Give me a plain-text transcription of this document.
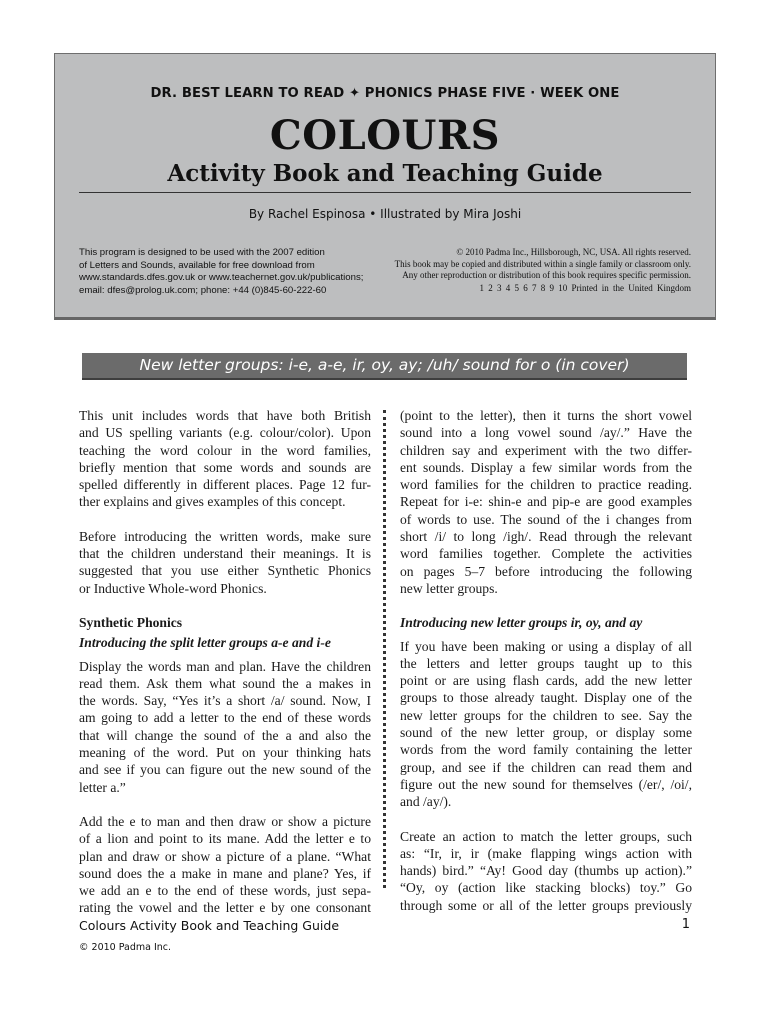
DR. BEST LEARN TO READ ✦ PHONICS PHASE FIVE · WEEK ONE
COLOURS
Activity Book and Teaching Guide
By Rachel Espinosa • Illustrated by Mira Joshi
This program is designed to be used with the 2007 edition
of Letters and Sounds, available for free download from
www.standards.dfes.gov.uk or www.teachernet.gov.uk/publications;
email: dfes@prolog.uk.com; phone: +44 (0)845-60-222-60
© 2010 Padma Inc., Hillsborough, NC, USA. All rights reserved.
This book may be copied and distributed within a single family or classroom only.
Any other reproduction or distribution of this book requires specific permission.
1 2 3 4 5 6 7 8 9 10 Printed in the United Kingdom
New letter groups: i-e, a-e, ir, oy, ay; /uh/ sound for o (in cover)
This unit includes words that have both British
and US spelling variants (e.g. colour/color). Upon
teaching the word colour in the word families,
briefly mention that some words and sounds are
spelled differently in different places. Page 12 fur-
ther explains and gives examples of this concept.
Before introducing the written words, make sure
that the children understand their meanings. It is
suggested that you use either Synthetic Phonics
or Inductive Whole-word Phonics.
Synthetic Phonics
Introducing the split letter groups a-e and i-e
Display the words man and plan. Have the children
read them. Ask them what sound the a makes in
the words. Say, “Yes it’s a short /a/ sound. Now, I
am going to add a letter to the end of these words
that will change the sound of the a and also the
meaning of the word. Put on your thinking hats
and see if you can figure out the new sound of the
letter a.”
Add the e to man and then draw or show a picture
of a lion and point to its mane. Add the letter e to
plan and draw or show a picture of a plane. “What
sound does the a make in mane and plane? Yes, if
we add an e to the end of these words, just sepa-
rating the vowel and the letter e by one consonant
(point to the letter), then it turns the short vowel
sound into a long vowel sound /ay/.” Have the
children say and experiment with the two differ-
ent sounds. Display a few similar words from the
word families for the children to practice reading.
Repeat for i-e: shin-e and pip-e are good examples
of words to use. The sound of the i changes from
short /i/ to long /igh/. Read through the relevant
word families together. Complete the activities
on pages 5–7 before introducing the following
new letter groups.
Introducing new letter groups ir, oy, and ay
If you have been making or using a display of all
the letters and letter groups taught up to this
point or are using flash cards, add the new letter
groups to those already taught. Display one of the
new letter groups for the children to see. Say the
sound of the new letter group, or display some
words from the word family containing the letter
group, and see if the children can read them and
figure out the new sound for themselves (/er/, /oi/,
and /ay/).
Create an action to match the letter groups, such
as: “Ir, ir, ir (make flapping wings action with
hands) bird.” “Ay! Good day (thumbs up action).”
“Oy, oy (action like stacking blocks) toy.” Go
through some or all of the letter groups previously
Colours Activity Book and Teaching Guide	1
© 2010 Padma Inc.
